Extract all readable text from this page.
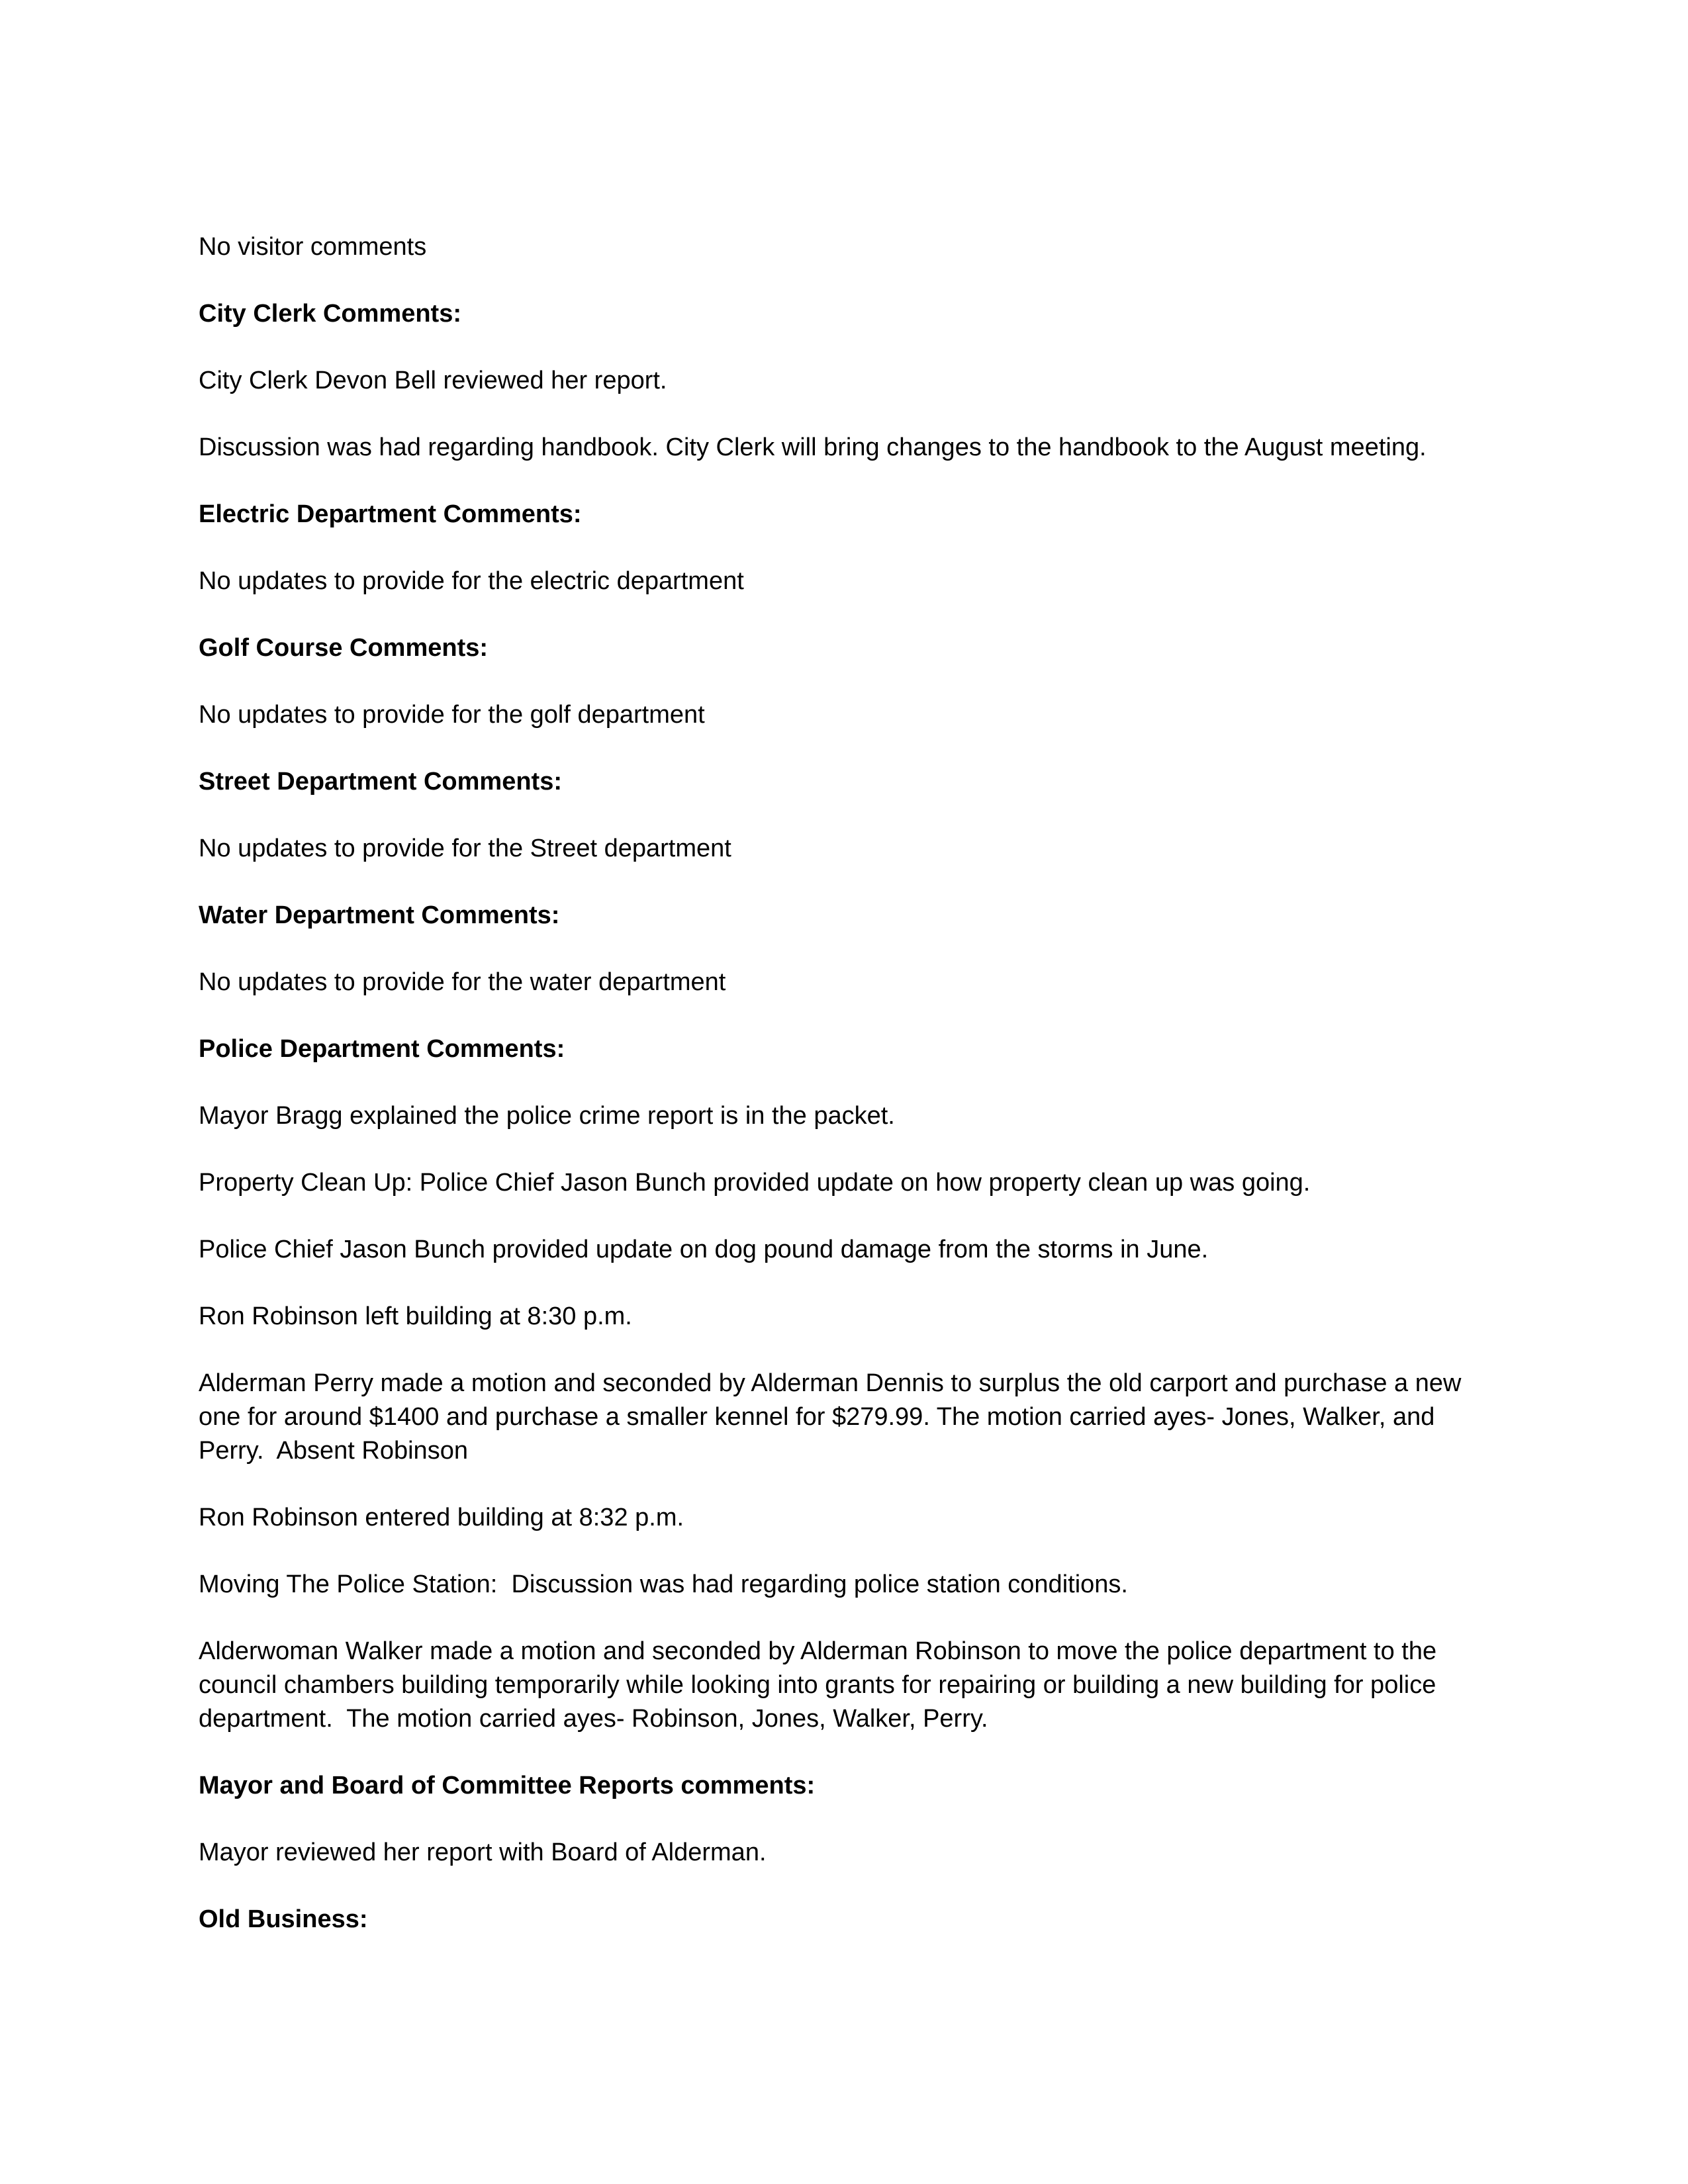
No visitor comments

City Clerk Comments:

City Clerk Devon Bell reviewed her report.

Discussion was had regarding handbook. City Clerk will bring changes to the handbook to the August meeting.

Electric Department Comments:

No updates to provide for the electric department

Golf Course Comments:

No updates to provide for the golf department

Street Department Comments:

No updates to provide for the Street department

Water Department Comments:

No updates to provide for the water department

Police Department Comments:

Mayor Bragg explained the police crime report is in the packet.

Property Clean Up: Police Chief Jason Bunch provided update on how property clean up was going.

Police Chief Jason Bunch provided update on dog pound damage from the storms in June.

Ron Robinson left building at 8:30 p.m.

Alderman Perry made a motion and seconded by Alderman Dennis to surplus the old carport and purchase a new one for around $1400 and purchase a smaller kennel for $279.99. The motion carried ayes- Jones, Walker, and Perry.  Absent Robinson

Ron Robinson entered building at 8:32 p.m.

Moving The Police Station:  Discussion was had regarding police station conditions.

Alderwoman Walker made a motion and seconded by Alderman Robinson to move the police department to the council chambers building temporarily while looking into grants for repairing or building a new building for police department.  The motion carried ayes- Robinson, Jones, Walker, Perry.

Mayor and Board of Committee Reports comments:

Mayor reviewed her report with Board of Alderman.

Old Business:
